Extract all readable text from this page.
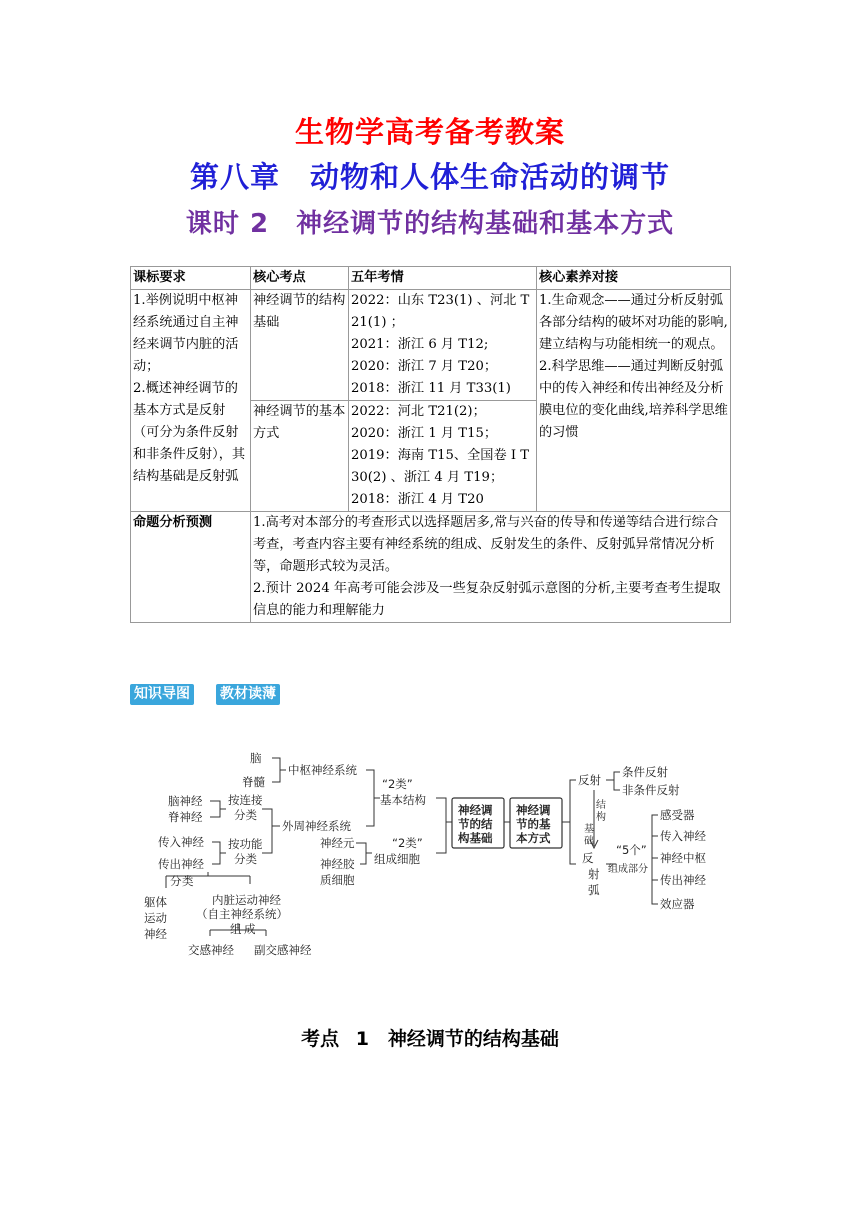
生物学高考备考教案
第八章　动物和人体生命活动的调节
课时 2　神经调节的结构基础和基本方式
课标要求	核心考点	五年考情	核心素养对接

1.举例说明中枢神经系统通过自主神经来调节内脏的活动；
2.概述神经调节的基本方式是反射（可分为条件反射和非条件反射），其结构基础是反射弧	神经调节的结构基础	2022：山东 T23(1) 、河北 T21(1) ；
2021：浙江 6 月 T12;
2020：浙江 7 月 T20；
2018：浙江 11 月 T33(1)	1.生命观念——通过分析反射弧各部分结构的破坏对功能的影响,建立结构与功能相统一的观点。
2.科学思维——通过判断反射弧中的传入神经和传出神经及分析膜电位的变化曲线,培养科学思维的习惯

	神经调节的基本方式	2022：河北 T21(2)；
2020：浙江 1 月 T15；
2019：海南 T15、全国卷 Ⅰ T30(2) 、浙江 4 月 T19；
2018：浙江 4 月 T20	

命题分析预测	1.高考对本部分的考查形式以选择题居多,常与兴奋的传导和传递等结合进行综合考查，考查内容主要有神经系统的组成、反射发生的条件、反射弧异常情况分析等，命题形式较为灵活。
2.预计 2024 年高考可能会涉及一些复杂反射弧示意图的分析,主要考查考生提取信息的能力和理解能力		
知识导图 教材读薄
脑
脊髓
中枢神经系统
脑神经
脊神经
按连接
分类
传入神经
传出神经
按功能
分类
外周神经系统
“2类”
基本结构
神经元
神经胶
质细胞
“2类”
组成细胞
分 类
躯体
运动
神经
内脏运动神经
（自主神经系统）
组 成
交感神经 副交感神经
神经调
节的结
构基础
神经调
节的基
本方式
反射
条件反射
非条件反射
结
构
基
础
反
射
弧
“5个”
组成部分
感受器
传入神经
神经中枢
传出神经
效应器
考点 1　神经调节的结构基础
